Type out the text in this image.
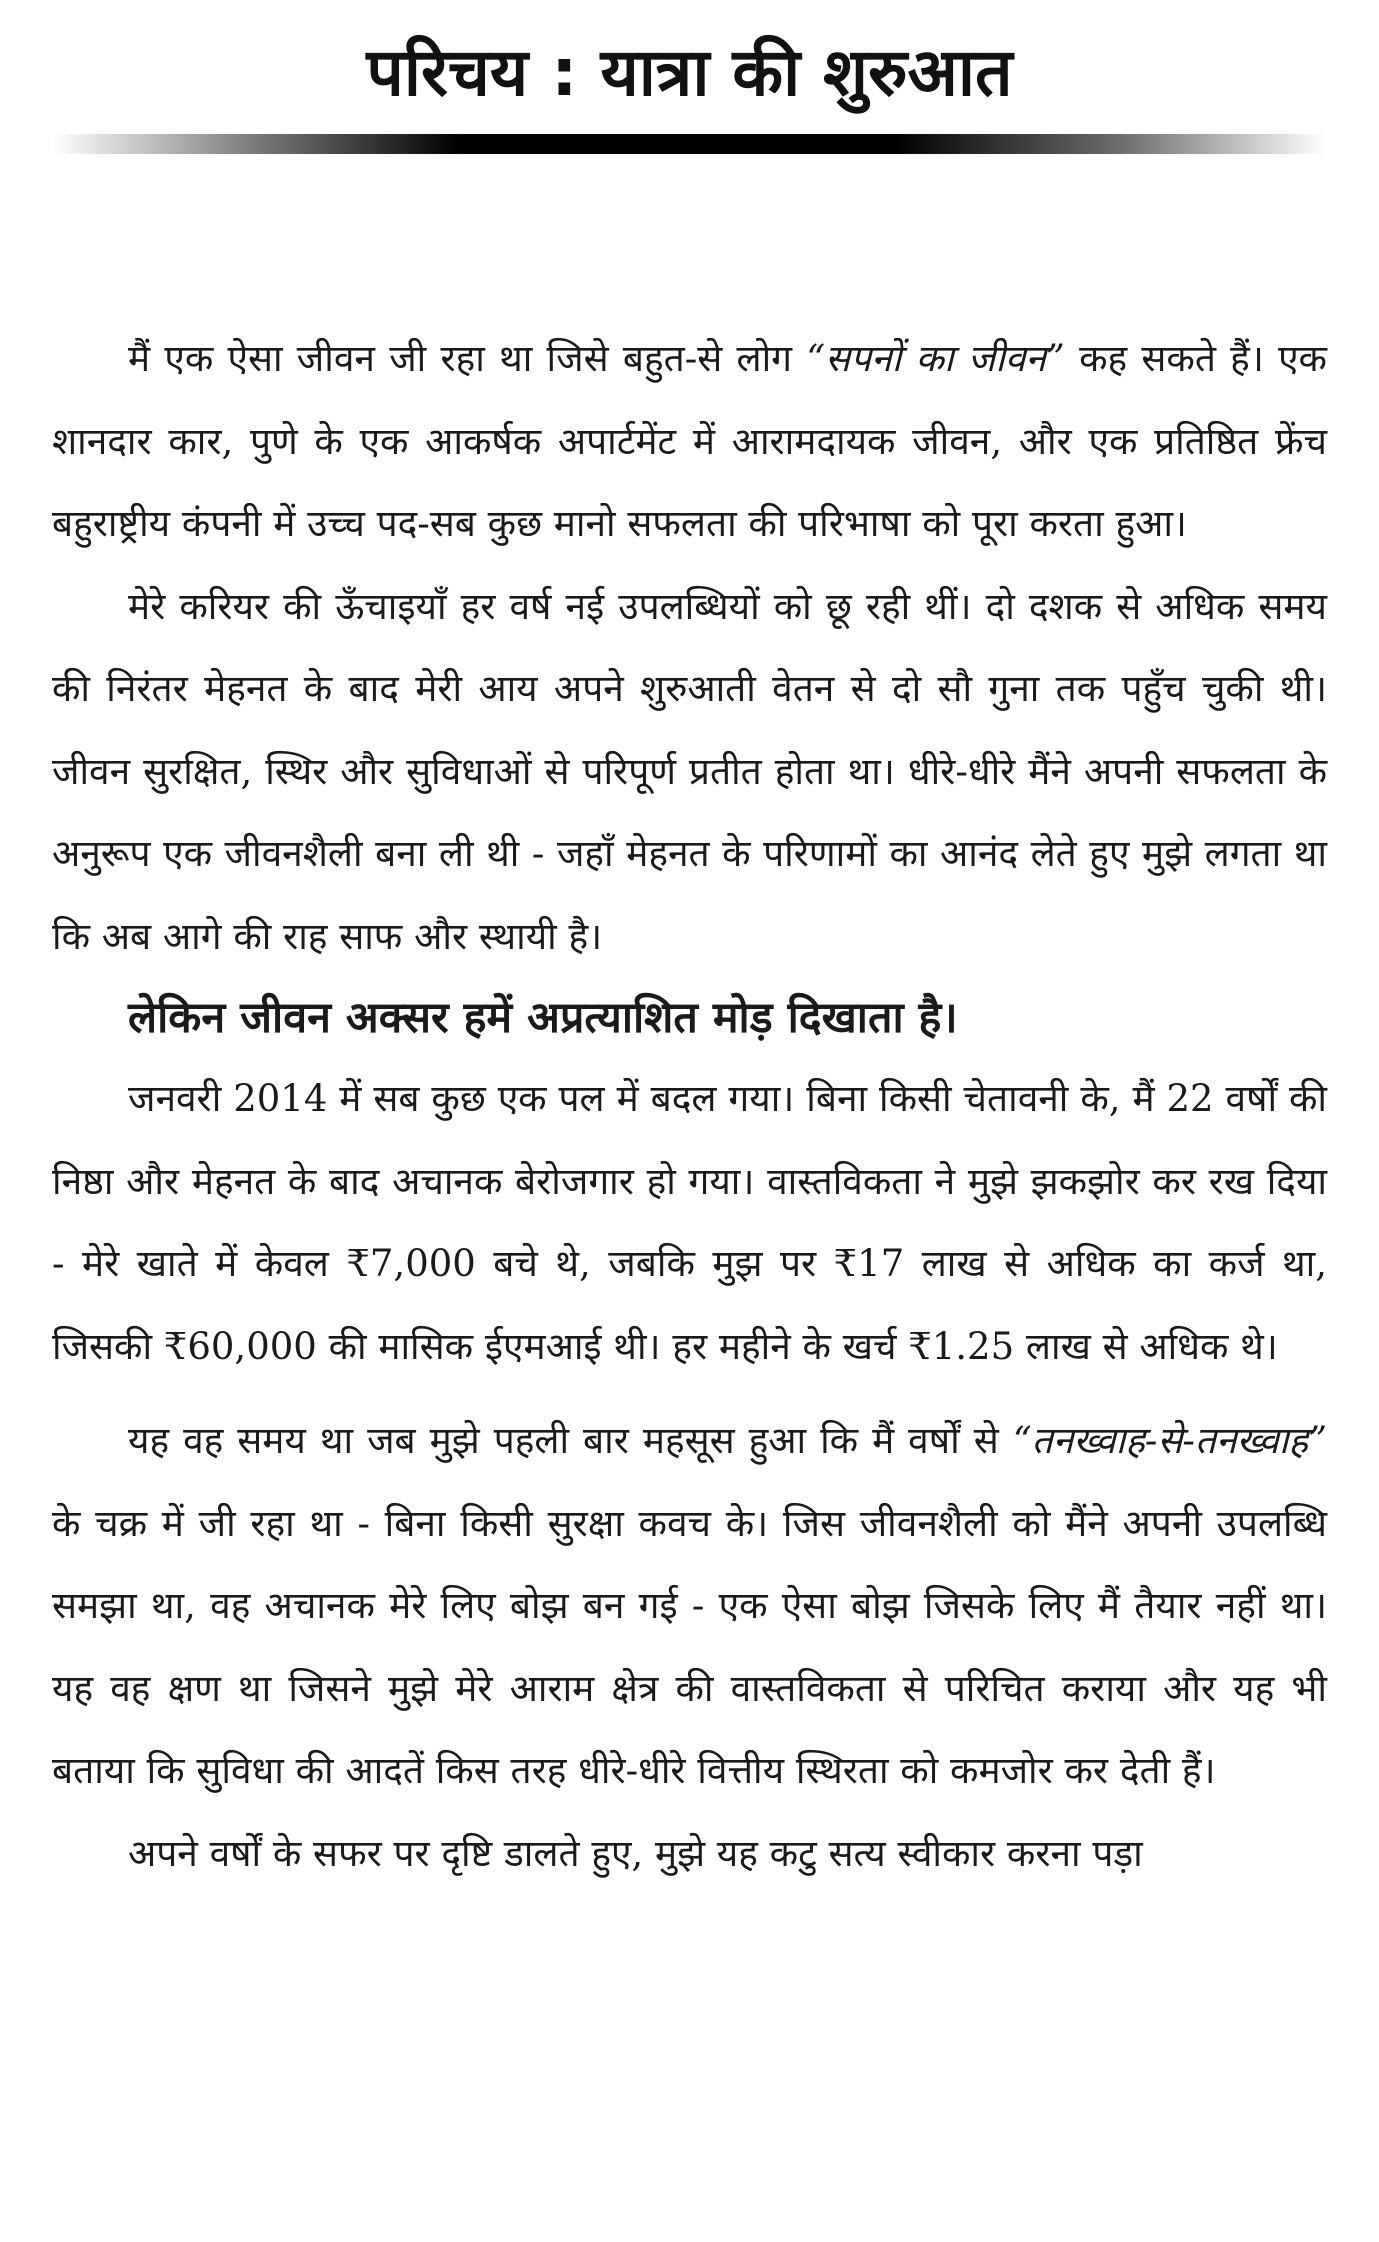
परिचय : यात्रा की शुरुआत

मैं एक ऐसा जीवन जी रहा था जिसे बहुत-से लोग “सपनों का जीवन” कह सकते हैं। एक शानदार कार, पुणे के एक आकर्षक अपार्टमेंट में आरामदायक जीवन, और एक प्रतिष्ठित फ्रेंच बहुराष्ट्रीय कंपनी में उच्च पद-सब कुछ मानो सफलता की परिभाषा को पूरा करता हुआ।

मेरे करियर की ऊँचाइयाँ हर वर्ष नई उपलब्धियों को छू रही थीं। दो दशक से अधिक समय की निरंतर मेहनत के बाद मेरी आय अपने शुरुआती वेतन से दो सौ गुना तक पहुँच चुकी थी। जीवन सुरक्षित, स्थिर और सुविधाओं से परिपूर्ण प्रतीत होता था। धीरे-धीरे मैंने अपनी सफलता के अनुरूप एक जीवनशैली बना ली थी - जहाँ मेहनत के परिणामों का आनंद लेते हुए मुझे लगता था कि अब आगे की राह साफ और स्थायी है।

लेकिन जीवन अक्सर हमें अप्रत्याशित मोड़ दिखाता है।

जनवरी 2014 में सब कुछ एक पल में बदल गया। बिना किसी चेतावनी के, मैं 22 वर्षों की निष्ठा और मेहनत के बाद अचानक बेरोजगार हो गया। वास्तविकता ने मुझे झकझोर कर रख दिया - मेरे खाते में केवल ₹7,000 बचे थे, जबकि मुझ पर ₹17 लाख से अधिक का कर्ज था, जिसकी ₹60,000 की मासिक ईएमआई थी। हर महीने के खर्च ₹1.25 लाख से अधिक थे।

यह वह समय था जब मुझे पहली बार महसूस हुआ कि मैं वर्षों से “तनख्वाह-से-तनख्वाह” के चक्र में जी रहा था - बिना किसी सुरक्षा कवच के। जिस जीवनशैली को मैंने अपनी उपलब्धि समझा था, वह अचानक मेरे लिए बोझ बन गई - एक ऐसा बोझ जिसके लिए मैं तैयार नहीं था। यह वह क्षण था जिसने मुझे मेरे आराम क्षेत्र की वास्तविकता से परिचित कराया और यह भी बताया कि सुविधा की आदतें किस तरह धीरे-धीरे वित्तीय स्थिरता को कमजोर कर देती हैं।

अपने वर्षों के सफर पर दृष्टि डालते हुए, मुझे यह कटु सत्य स्वीकार करना पड़ा
